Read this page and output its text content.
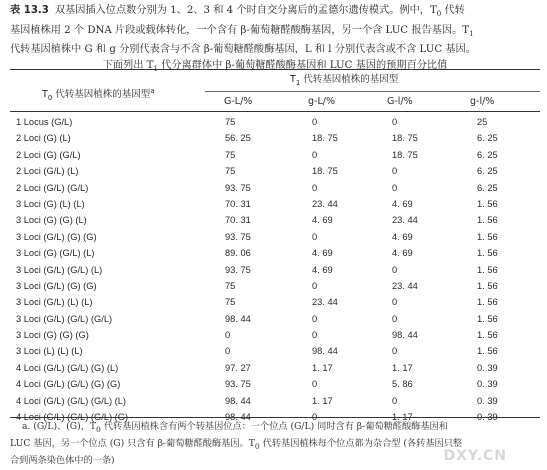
表 13.3 双基因插入位点数分别为 1、2、3 和 4 个时自交分离后的孟德尔遗传模式。例中，$T_0$ 代转
基因植株用 2 个 DNA 片段或载体转化，一个含有 β-葡萄糖醛酸酶基因，另一个含 LUC 报告基因。$T_1$
代转基因植株中 G 和 g 分别代表含与不含 β-葡萄糖醛酸酶基因，L 和 l 分别代表含或不含 LUC 基因。

下面列出 $T_1$ 代分离群体中 β-葡萄糖醛酸酶基因和 LUC 基因的预期百分比值
$T_0$ 代转基因植株的基因型$^a$
$T_1$ 代转基因植株的基因型
G-L/%	g-L/%	G-l/%	g-l/%
1 Locus (G/L)	75	0	0	25
2 Loci (G) (L)	56. 25	18. 75	18. 75	6. 25
2 Loci (G) (G/L)	75	0	18. 75	6. 25
2 Loci (G/L) (L)	75	18. 75	0	6. 25
2 Loci (G/L) (G/L)	93. 75	0	0	6. 25
3 Loci (G) (L) (L)	70. 31	23. 44	4. 69	1. 56
3 Loci (G) (G) (L)	70. 31	4. 69	23. 44	1. 56
3 Loci (G/L) (G) (G)	93. 75	0	4. 69	1. 56
3 Loci (G) (G/L) (L)	89. 06	4. 69	4. 69	1. 56
3 Loci (G/L) (G/L) (L)	93. 75	4. 69	0	1. 56
3 Loci (G/L) (G) (G)	75	0	23. 44	1. 56
3 Loci (G/L) (L) (L)	75	23. 44	0	1. 56
3 Loci (G/L) (G/L) (G/L)	98. 44	0	0	1. 56
3 Loci (G) (G) (G)	0	0	98. 44	1. 56
3 Loci (L) (L) (L)	0	98. 44	0	1. 56
4 Loci (G/L) (G/L) (G) (L)	97. 27	1. 17	1. 17	0. 39
4 Loci (G/L) (G/L) (G) (G)	93. 75	0	5. 86	0. 39
4 Loci (G/L) (G/L) (G/L) (L)	98. 44	1. 17	0	0. 39
4 Loci (G/L) (G/L) (G/L) (G)	98. 44	0	1. 17	0. 39
a. (G/L)、(G)，$T_0$ 代转基因植株含有两个转基因位点：一个位点 (G/L) 同时含有 β-葡萄糖醛酸酶基因和
LUC 基因，另一个位点 (G) 只含有 β-葡萄糖醛酸酶基因。$T_0$ 代转基因植株每个位点都为杂合型 (各转基因只整
合到两条染色体中的一条)	DXY.CN
